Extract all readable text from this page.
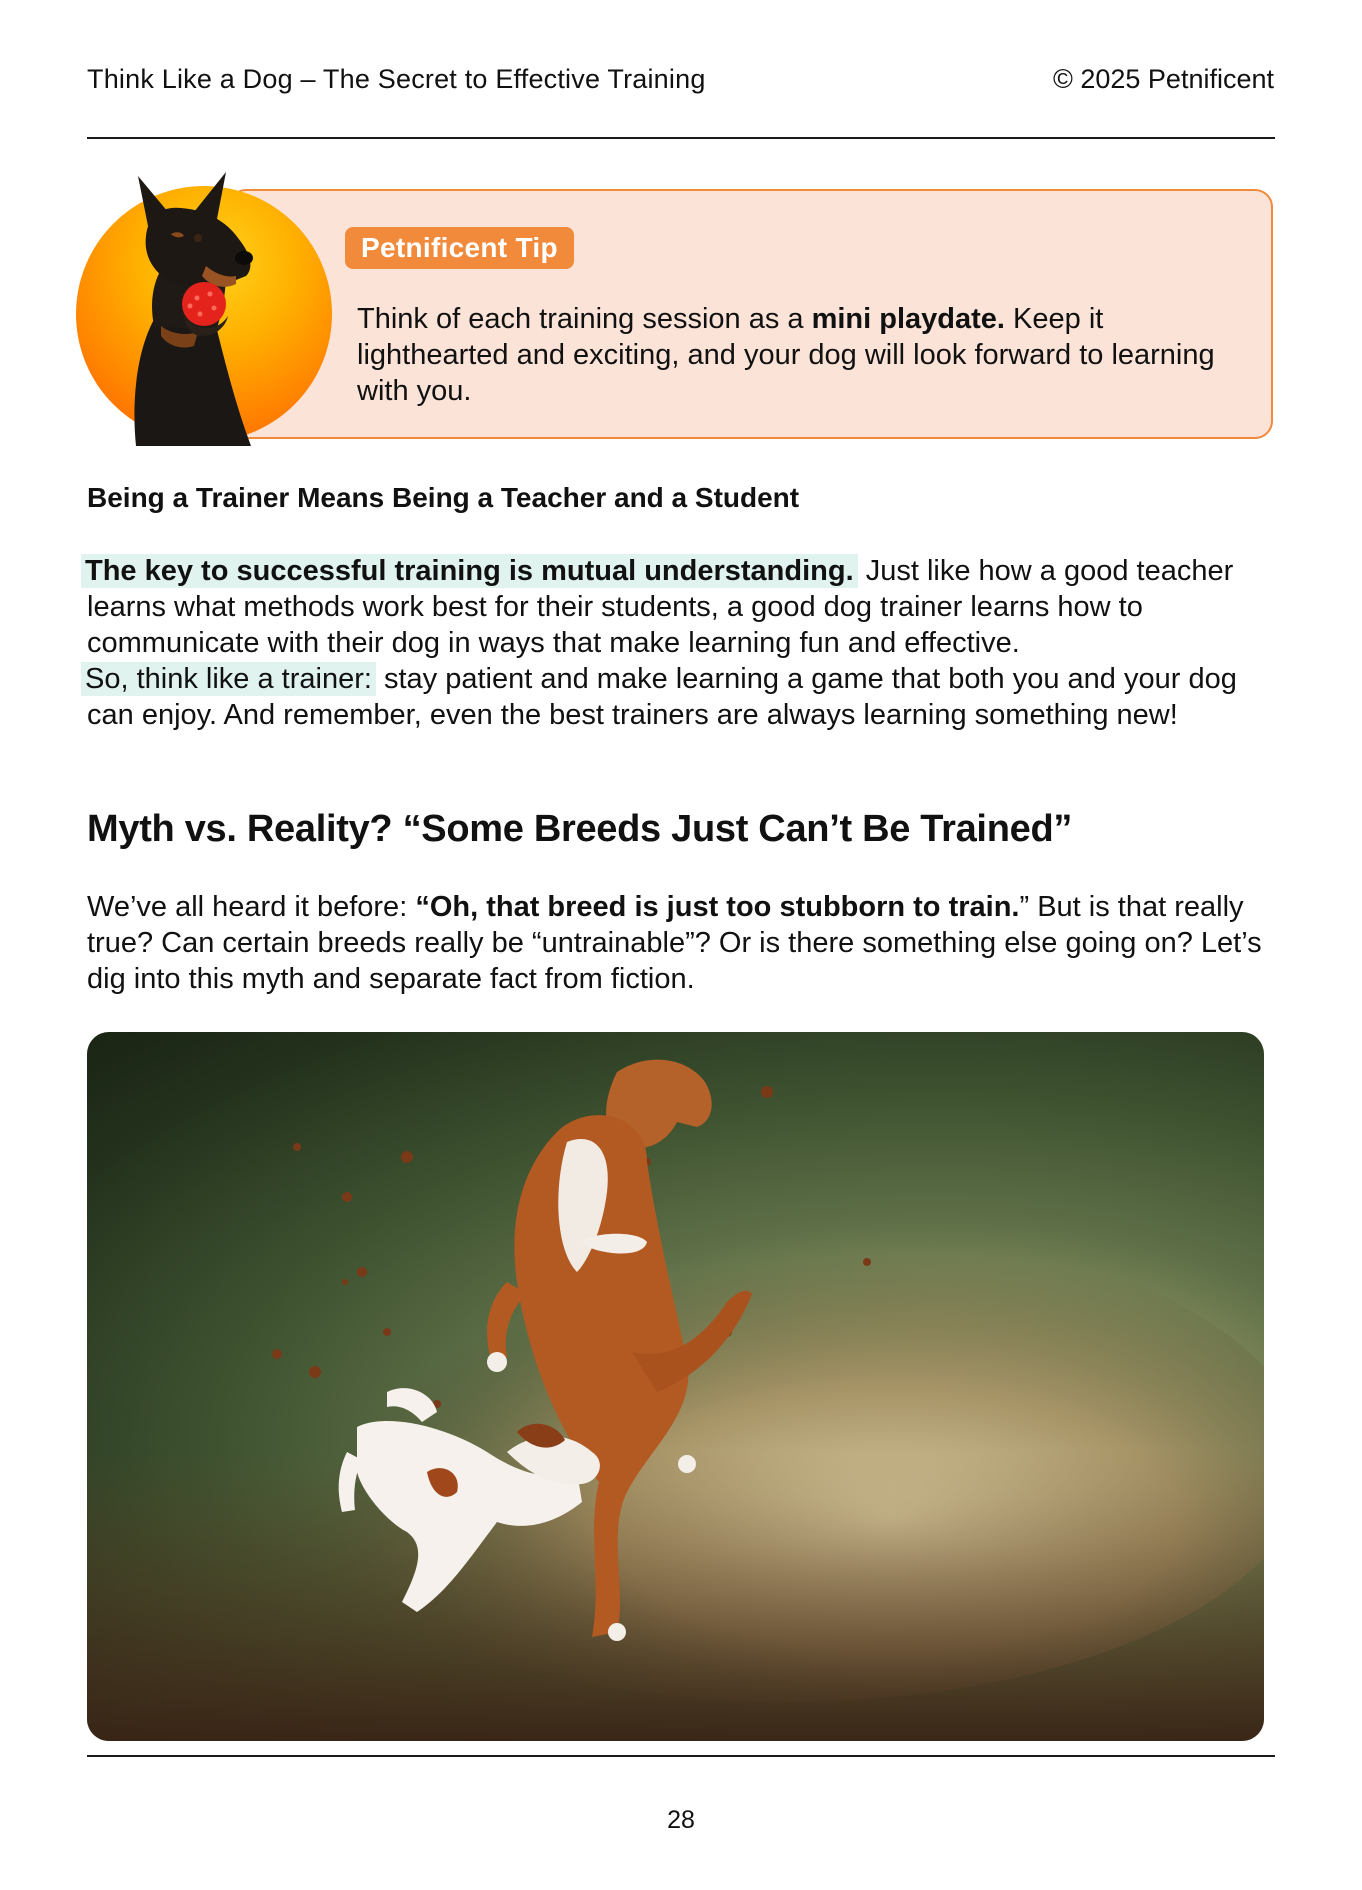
Think Like a Dog – The Secret to Effective Training	© 2025 Petnificent
Petnificent Tip
Think of each training session as a mini playdate. Keep it lighthearted and exciting, and your dog will look forward to learning with you.
Being a Trainer Means Being a Teacher and a Student
The key to successful training is mutual understanding. Just like how a good teacher learns what methods work best for their students, a good dog trainer learns how to communicate with their dog in ways that make learning fun and effective.
So, think like a trainer: stay patient and make learning a game that both you and your dog can enjoy. And remember, even the best trainers are always learning something new!
Myth vs. Reality? “Some Breeds Just Can’t Be Trained”
We’ve all heard it before: “Oh, that breed is just too stubborn to train.” But is that really true? Can certain breeds really be “untrainable”? Or is there something else going on? Let’s dig into this myth and separate fact from fiction.
28
